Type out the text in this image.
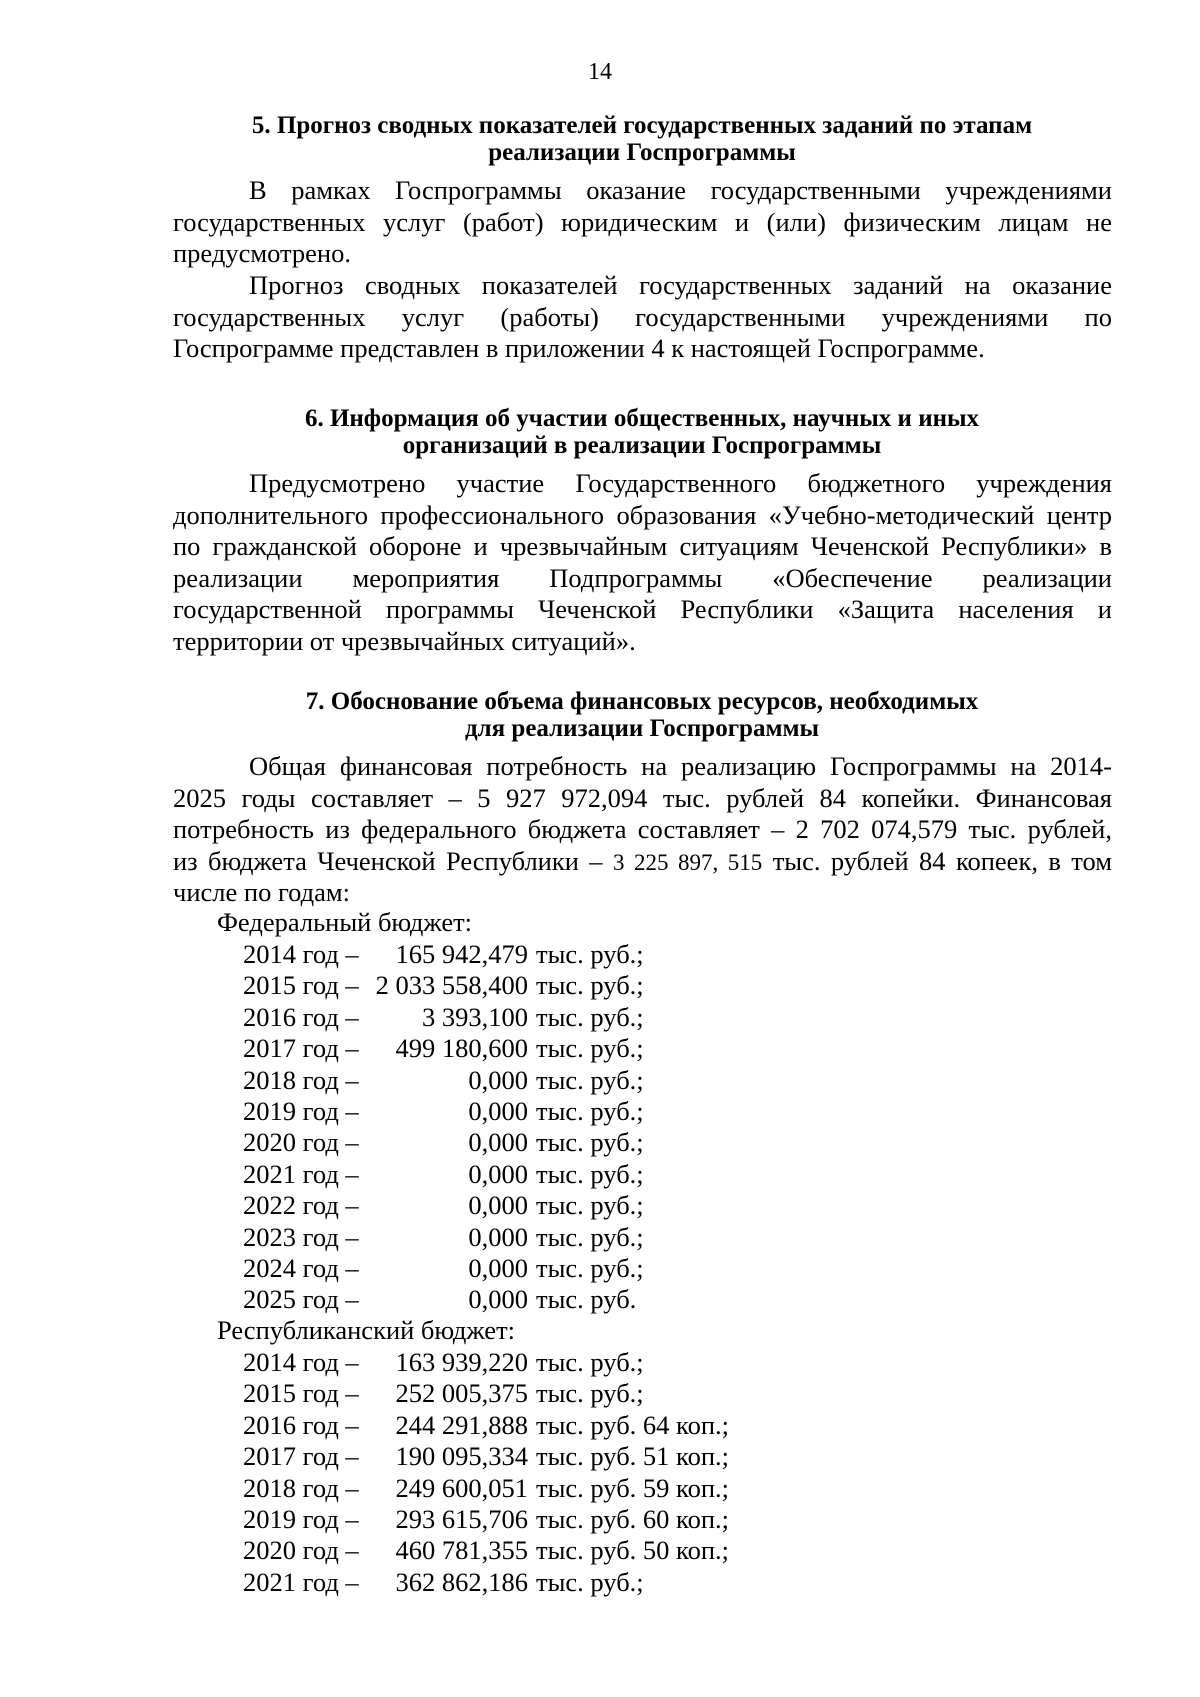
14
5. Прогноз сводных показателей государственных заданий по этапам
реализации Госпрограммы
В рамках Госпрограммы оказание государственными учреждениями
государственных услуг (работ) юридическим и (или) физическим лицам не
предусмотрено.
Прогноз сводных показателей государственных заданий на оказание
государственных услуг (работы) государственными учреждениями по
Госпрограмме представлен в приложении 4 к настоящей Госпрограмме.
6. Информация об участии общественных, научных и иных
организаций в реализации Госпрограммы
Предусмотрено участие Государственного бюджетного учреждения
дополнительного профессионального образования «Учебно-методический центр
по гражданской обороне и чрезвычайным ситуациям Чеченской Республики» в
реализации мероприятия Подпрограммы «Обеспечение реализации
государственной программы Чеченской Республики «Защита населения и
территории от чрезвычайных ситуаций».
7. Обоснование объема финансовых ресурсов, необходимых
для реализации Госпрограммы
Общая финансовая потребность на реализацию Госпрограммы на 2014-
2025 годы составляет – 5 927 972,094 тыс. рублей 84 копейки. Финансовая
потребность из федерального бюджета составляет – 2 702 074,579 тыс. рублей,
из бюджета Чеченской Республики – 3 225 897, 515 тыс. рублей 84 копеек, в том
числе по годам:
Федеральный бюджет:
2014 год –	165 942,479 тыс. руб.;
2015 год – 2 033 558,400 тыс. руб.;
2016 год –	3 393,100 тыс. руб.;
2017 год –	499 180,600 тыс. руб.;
2018 год –	0,000 тыс. руб.;
2019 год –	0,000 тыс. руб.;
2020 год –	0,000 тыс. руб.;
2021 год –	0,000 тыс. руб.;
2022 год –	0,000 тыс. руб.;
2023 год –	0,000 тыс. руб.;
2024 год –	0,000 тыс. руб.;
2025 год –	0,000 тыс. руб.
Республиканский бюджет:
2014 год –	163 939,220 тыс. руб.;
2015 год –	252 005,375 тыс. руб.;
2016 год –	244 291,888 тыс. руб. 64 коп.;
2017 год –	190 095,334 тыс. руб. 51 коп.;
2018 год –	249 600,051 тыс. руб. 59 коп.;
2019 год –	293 615,706 тыс. руб. 60 коп.;
2020 год –	460 781,355 тыс. руб. 50 коп.;
2021 год –	362 862,186 тыс. руб.;
